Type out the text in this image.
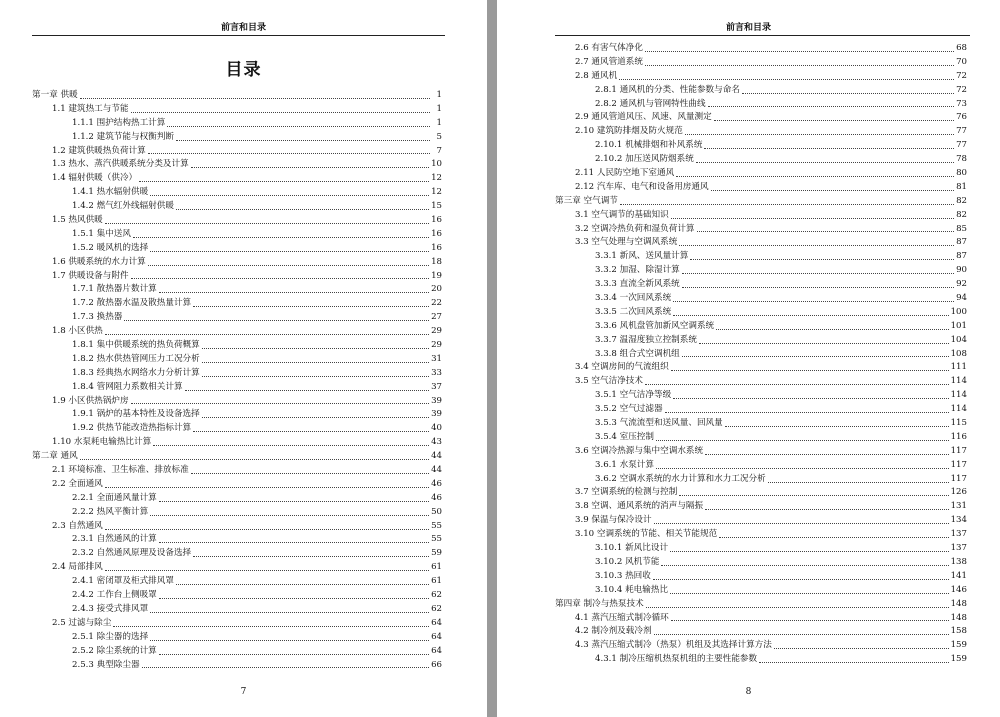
前言和目录
目录
第一章 供暖	1
1.1 建筑热工与节能	1
1.1.1 围护结构热工计算	1
1.1.2 建筑节能与权衡判断	5
1.2 建筑供暖热负荷计算	7
1.3 热水、蒸汽供暖系统分类及计算	10
1.4 辐射供暖（供冷）	12
1.4.1 热水辐射供暖	12
1.4.2 燃气红外线辐射供暖	15
1.5 热风供暖	16
1.5.1 集中送风	16
1.5.2 暖风机的选择	16
1.6 供暖系统的水力计算	18
1.7 供暖设备与附件	19
1.7.1 散热器片数计算	20
1.7.2 散热器水温及散热量计算	22
1.7.3 换热器	27
1.8 小区供热	29
1.8.1 集中供暖系统的热负荷概算	29
1.8.2 热水供热管网压力工况分析	31
1.8.3 经典热水网络水力分析计算	33
1.8.4 管网阻力系数相关计算	37
1.9 小区供热锅炉房	39
1.9.1 锅炉的基本特性及设备选择	39
1.9.2 供热节能改造热指标计算	40
1.10 水泵耗电输热比计算	43
第二章 通风	44
2.1 环境标准、卫生标准、排放标准	44
2.2 全面通风	46
2.2.1 全面通风量计算	46
2.2.2 热风平衡计算	50
2.3 自然通风	55
2.3.1 自然通风的计算	55
2.3.2 自然通风原理及设备选择	59
2.4 局部排风	61
2.4.1 密闭罩及柜式排风罩	61
2.4.2 工作台上侧吸罩	62
2.4.3 接受式排风罩	62
2.5 过滤与除尘	64
2.5.1 除尘器的选择	64
2.5.2 除尘系统的计算	64
2.5.3 典型除尘器	66
7
前言和目录
2.6 有害气体净化	68
2.7 通风管道系统	70
2.8 通风机	72
2.8.1 通风机的分类、性能参数与命名	72
2.8.2 通风机与管网特性曲线	73
2.9 通风管道风压、风速、风量测定	76
2.10 建筑防排烟及防火规范	77
2.10.1 机械排烟和补风系统	77
2.10.2 加压送风防烟系统	78
2.11 人民防空地下室通风	80
2.12 汽车库、电气和设备用房通风	81
第三章 空气调节	82
3.1 空气调节的基础知识	82
3.2 空调冷热负荷和湿负荷计算	85
3.3 空气处理与空调风系统	87
3.3.1 新风、送风量计算	87
3.3.2 加湿、除湿计算	90
3.3.3 直流全新风系统	92
3.3.4 一次回风系统	94
3.3.5 二次回风系统	100
3.3.6 风机盘管加新风空调系统	101
3.3.7 温湿度独立控制系统	104
3.3.8 组合式空调机组	108
3.4 空调房间的气流组织	111
3.5 空气洁净技术	114
3.5.1 空气洁净等级	114
3.5.2 空气过滤器	114
3.5.3 气流流型和送风量、回风量	115
3.5.4 室压控制	116
3.6 空调冷热源与集中空调水系统	117
3.6.1 水泵计算	117
3.6.2 空调水系统的水力计算和水力工况分析	117
3.7 空调系统的检测与控制	126
3.8 空调、通风系统的消声与隔振	131
3.9 保温与保冷设计	134
3.10 空调系统的节能、相关节能规范	137
3.10.1 新风比设计	137
3.10.2 风机节能	138
3.10.3 热回收	141
3.10.4 耗电输热比	146
第四章 制冷与热泵技术	148
4.1 蒸汽压缩式制冷循环	148
4.2 制冷剂及载冷剂	158
4.3 蒸汽压缩式制冷（热泵）机组及其选择计算方法	159
4.3.1 制冷压缩机热泵机组的主要性能参数	159
8
